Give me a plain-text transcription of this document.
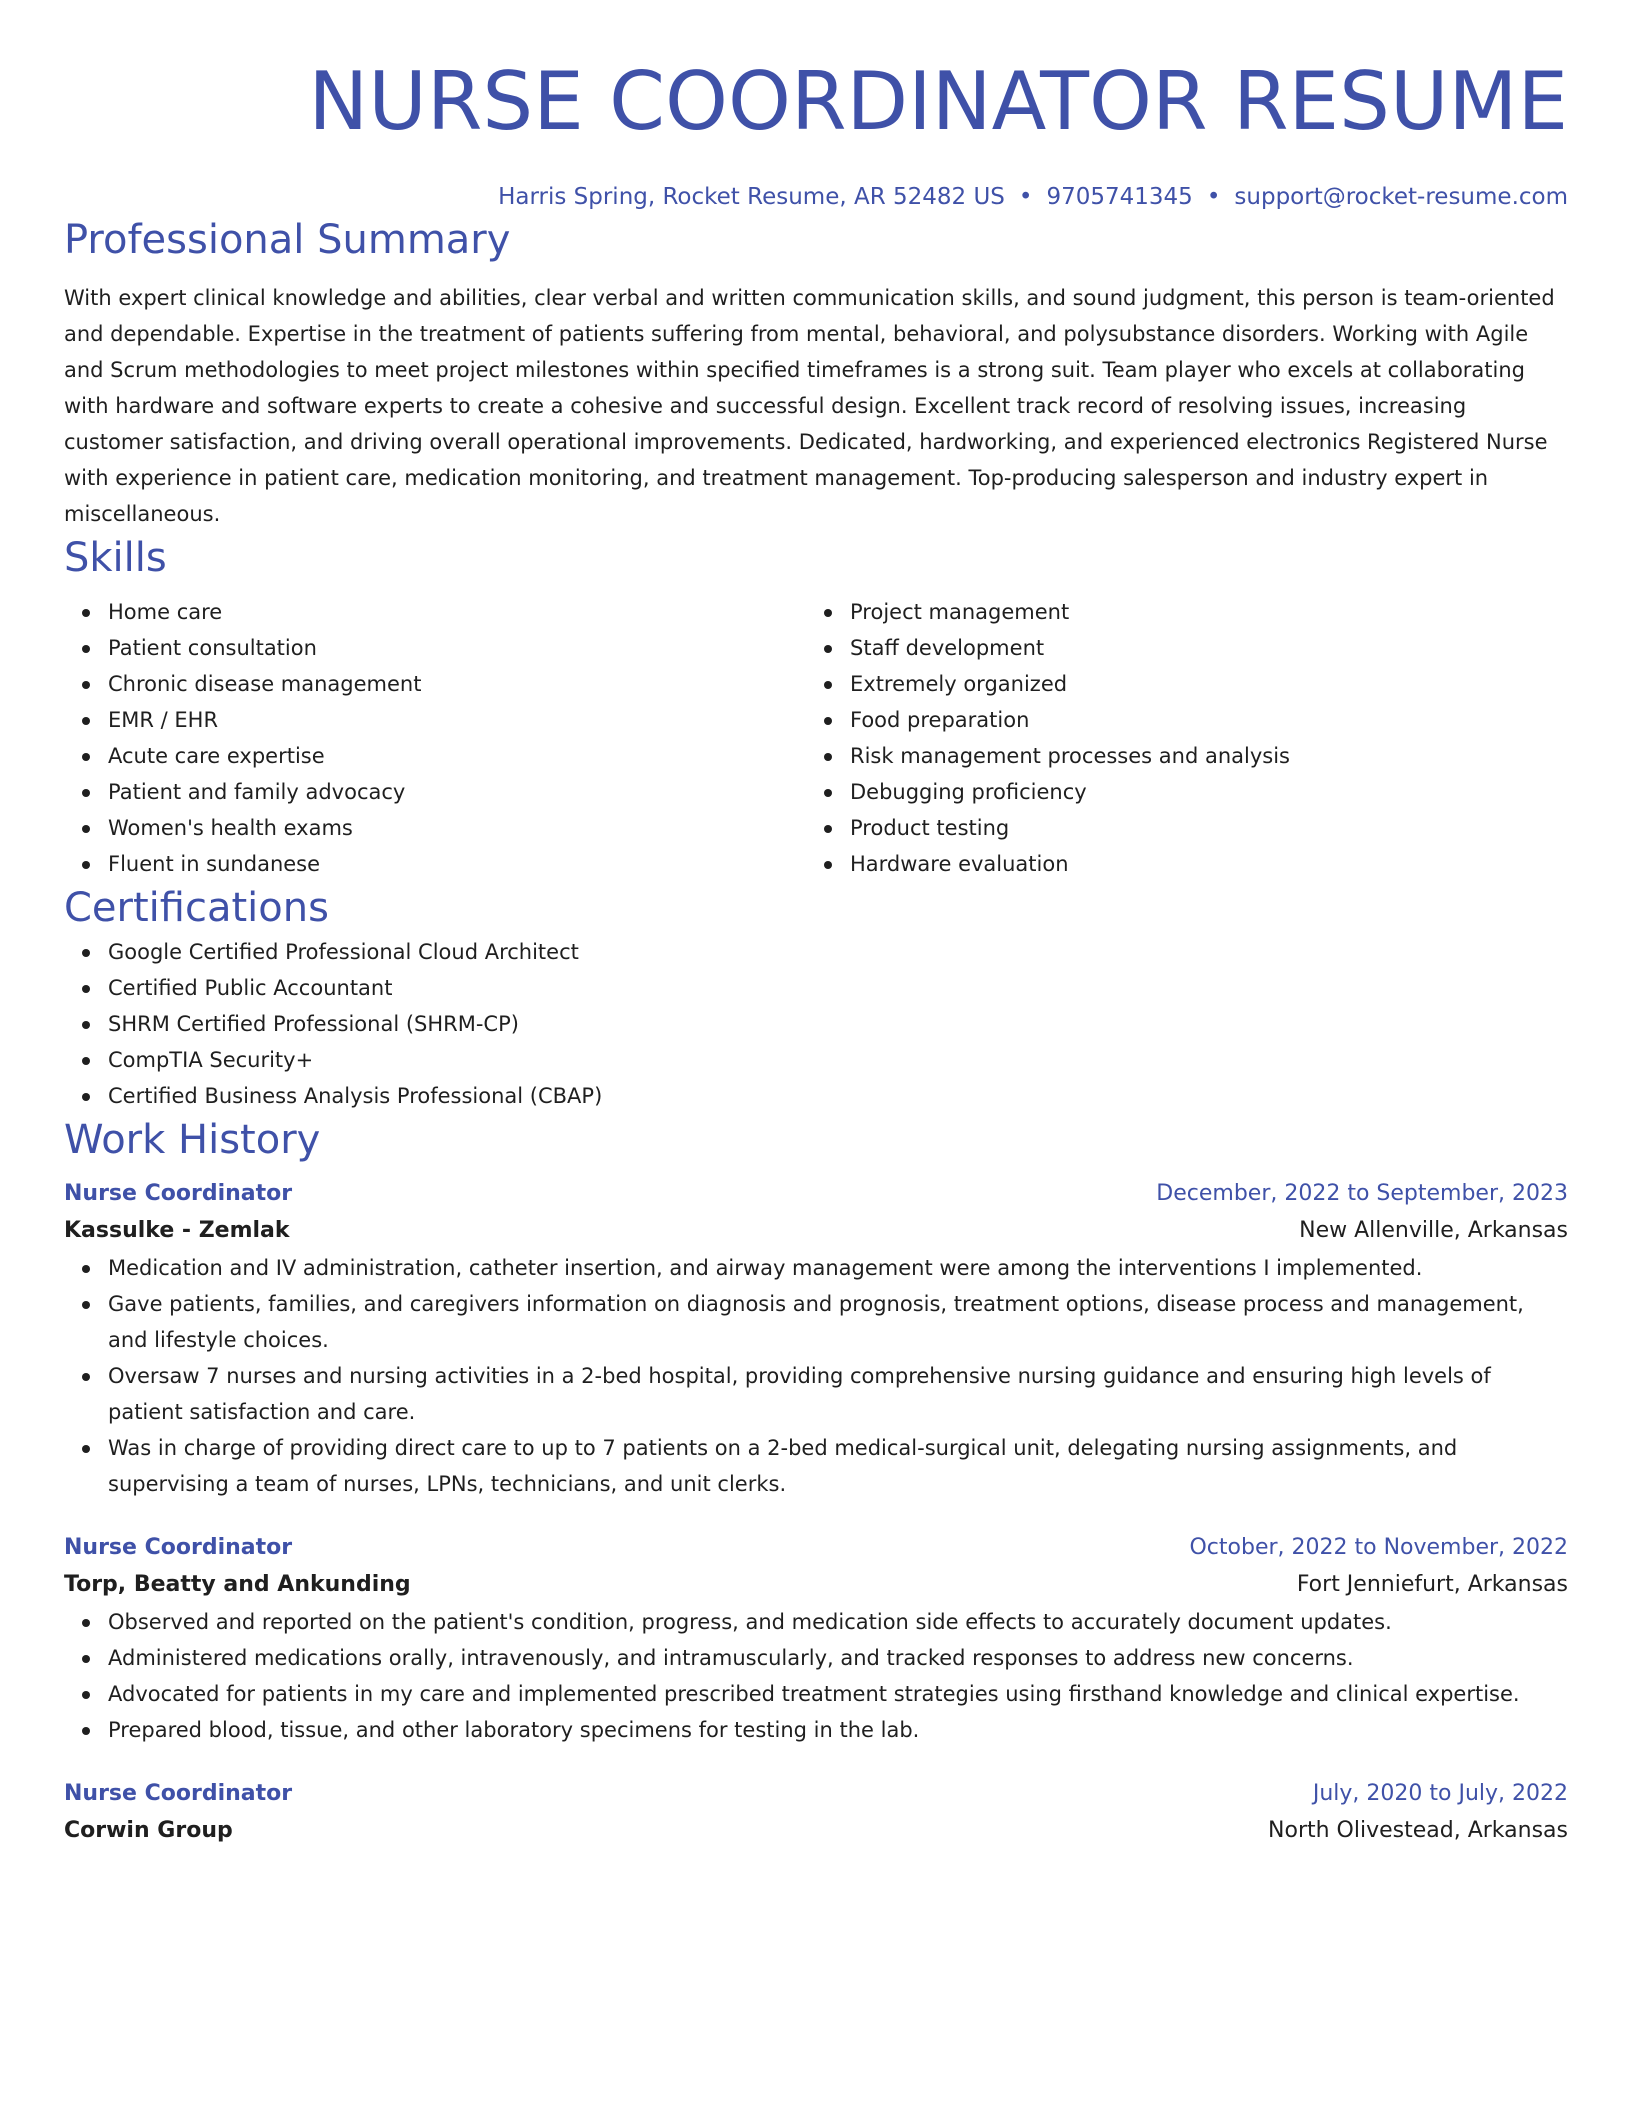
NURSE COORDINATOR RESUME
Harris Spring, Rocket Resume, AR 52482 US • 9705741345 • support@rocket-resume.com
Professional Summary

With expert clinical knowledge and abilities, clear verbal and written communication skills, and sound judgment, this person is team-oriented and dependable. Expertise in the treatment of patients suffering from mental, behavioral, and polysubstance disorders. Working with Agile and Scrum methodologies to meet project milestones within specified timeframes is a strong suit. Team player who excels at collaborating with hardware and software experts to create a cohesive and successful design. Excellent track record of resolving issues, increasing customer satisfaction, and driving overall operational improvements. Dedicated, hardworking, and experienced electronics Registered Nurse with experience in patient care, medication monitoring, and treatment management. Top-producing salesperson and industry expert in miscellaneous.

Skills
Home care
Patient consultation
Chronic disease management
EMR / EHR
Acute care expertise
Patient and family advocacy
Women's health exams
Fluent in sundanese
Project management
Staff development
Extremely organized
Food preparation
Risk management processes and analysis
Debugging proficiency
Product testing
Hardware evaluation
Certifications
Google Certified Professional Cloud Architect
Certified Public Accountant
SHRM Certified Professional (SHRM-CP)
CompTIA Security+
Certified Business Analysis Professional (CBAP)
Work History
Nurse Coordinator	December, 2022 to September, 2023
Kassulke - Zemlak	New Allenville, Arkansas
Medication and IV administration, catheter insertion, and airway management were among the interventions I implemented.
Gave patients, families, and caregivers information on diagnosis and prognosis, treatment options, disease process and management, and lifestyle choices.
Oversaw 7 nurses and nursing activities in a 2-bed hospital, providing comprehensive nursing guidance and ensuring high levels of patient satisfaction and care.
Was in charge of providing direct care to up to 7 patients on a 2-bed medical-surgical unit, delegating nursing assignments, and supervising a team of nurses, LPNs, technicians, and unit clerks.
Nurse Coordinator	October, 2022 to November, 2022
Torp, Beatty and Ankunding	Fort Jenniefurt, Arkansas
Observed and reported on the patient's condition, progress, and medication side effects to accurately document updates.
Administered medications orally, intravenously, and intramuscularly, and tracked responses to address new concerns.
Advocated for patients in my care and implemented prescribed treatment strategies using firsthand knowledge and clinical expertise.
Prepared blood, tissue, and other laboratory specimens for testing in the lab.
Nurse Coordinator	July, 2020 to July, 2022
Corwin Group	North Olivestead, Arkansas
